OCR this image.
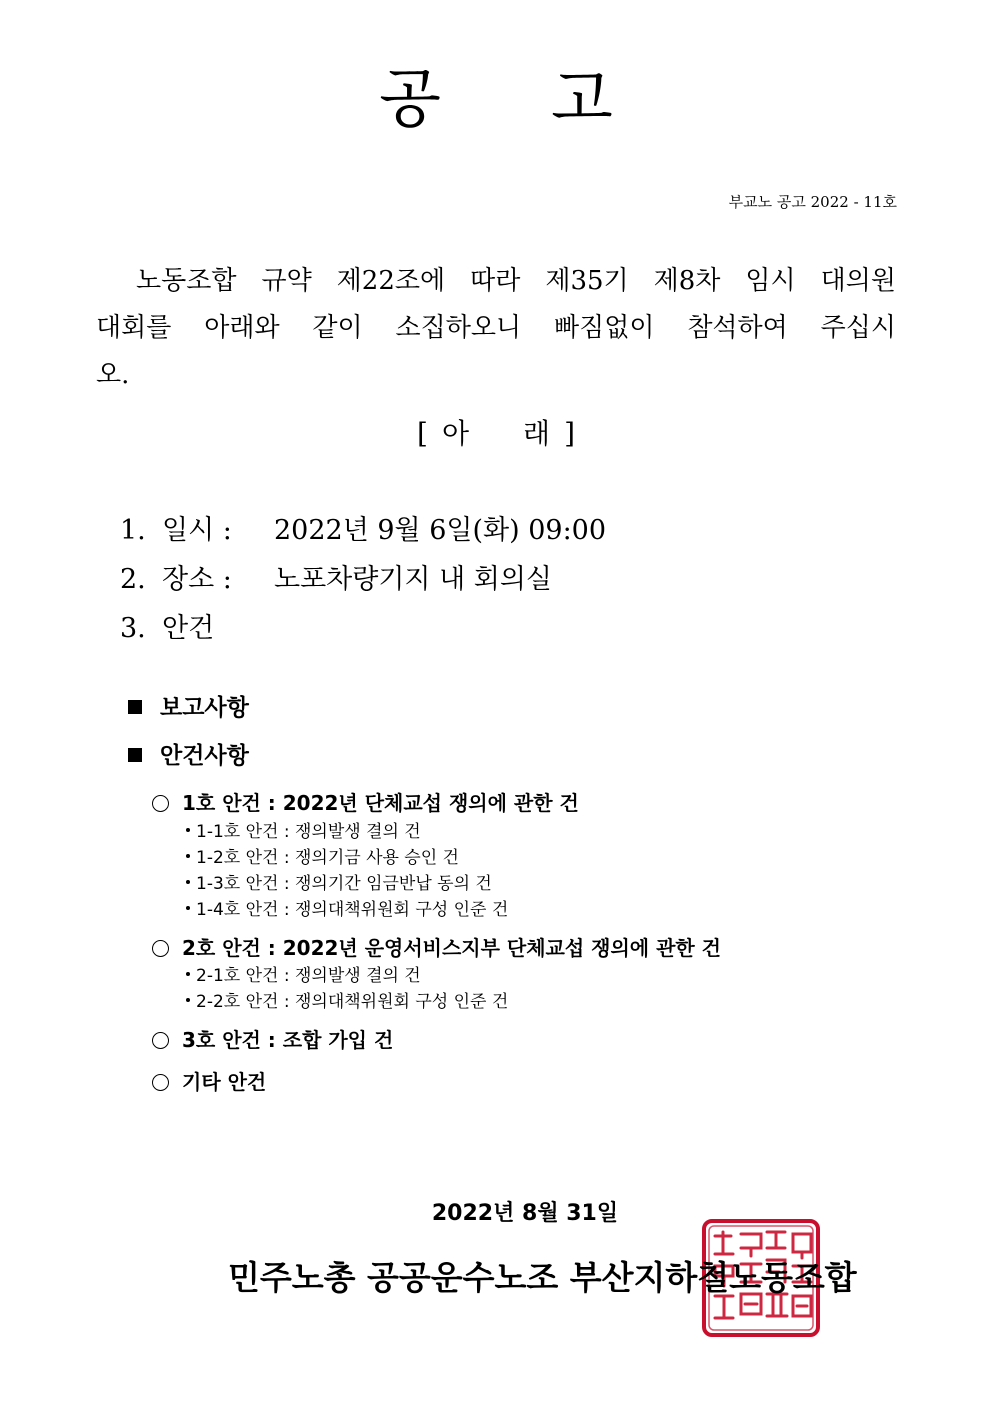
공 고
부교노 공고 2022 - 11호
노동조합 규약 제22조에 따라 제35기 제8차 임시 대의원
대회를 아래와 같이 소집하오니 빠짐없이 참석하여 주십시
오.
[ 아 래 ]
1. 일시 : 2022년 9월 6일(화) 09:00
2. 장소 : 노포차량기지 내 회의실
3. 안건
보고사항
안건사항
1호 안건 : 2022년 단체교섭 쟁의에 관한 건
1-1호 안건 : 쟁의발생 결의 건
1-2호 안건 : 쟁의기금 사용 승인 건
1-3호 안건 : 쟁의기간 임금반납 동의 건
1-4호 안건 : 쟁의대책위원회 구성 인준 건
2호 안건 : 2022년 운영서비스지부 단체교섭 쟁의에 관한 건
2-1호 안건 : 쟁의발생 결의 건
2-2호 안건 : 쟁의대책위원회 구성 인준 건
3호 안건 : 조합 가입 건
기타 안건
2022년 8월 31일
민주노총 공공운수노조 부산지하철노동조합
